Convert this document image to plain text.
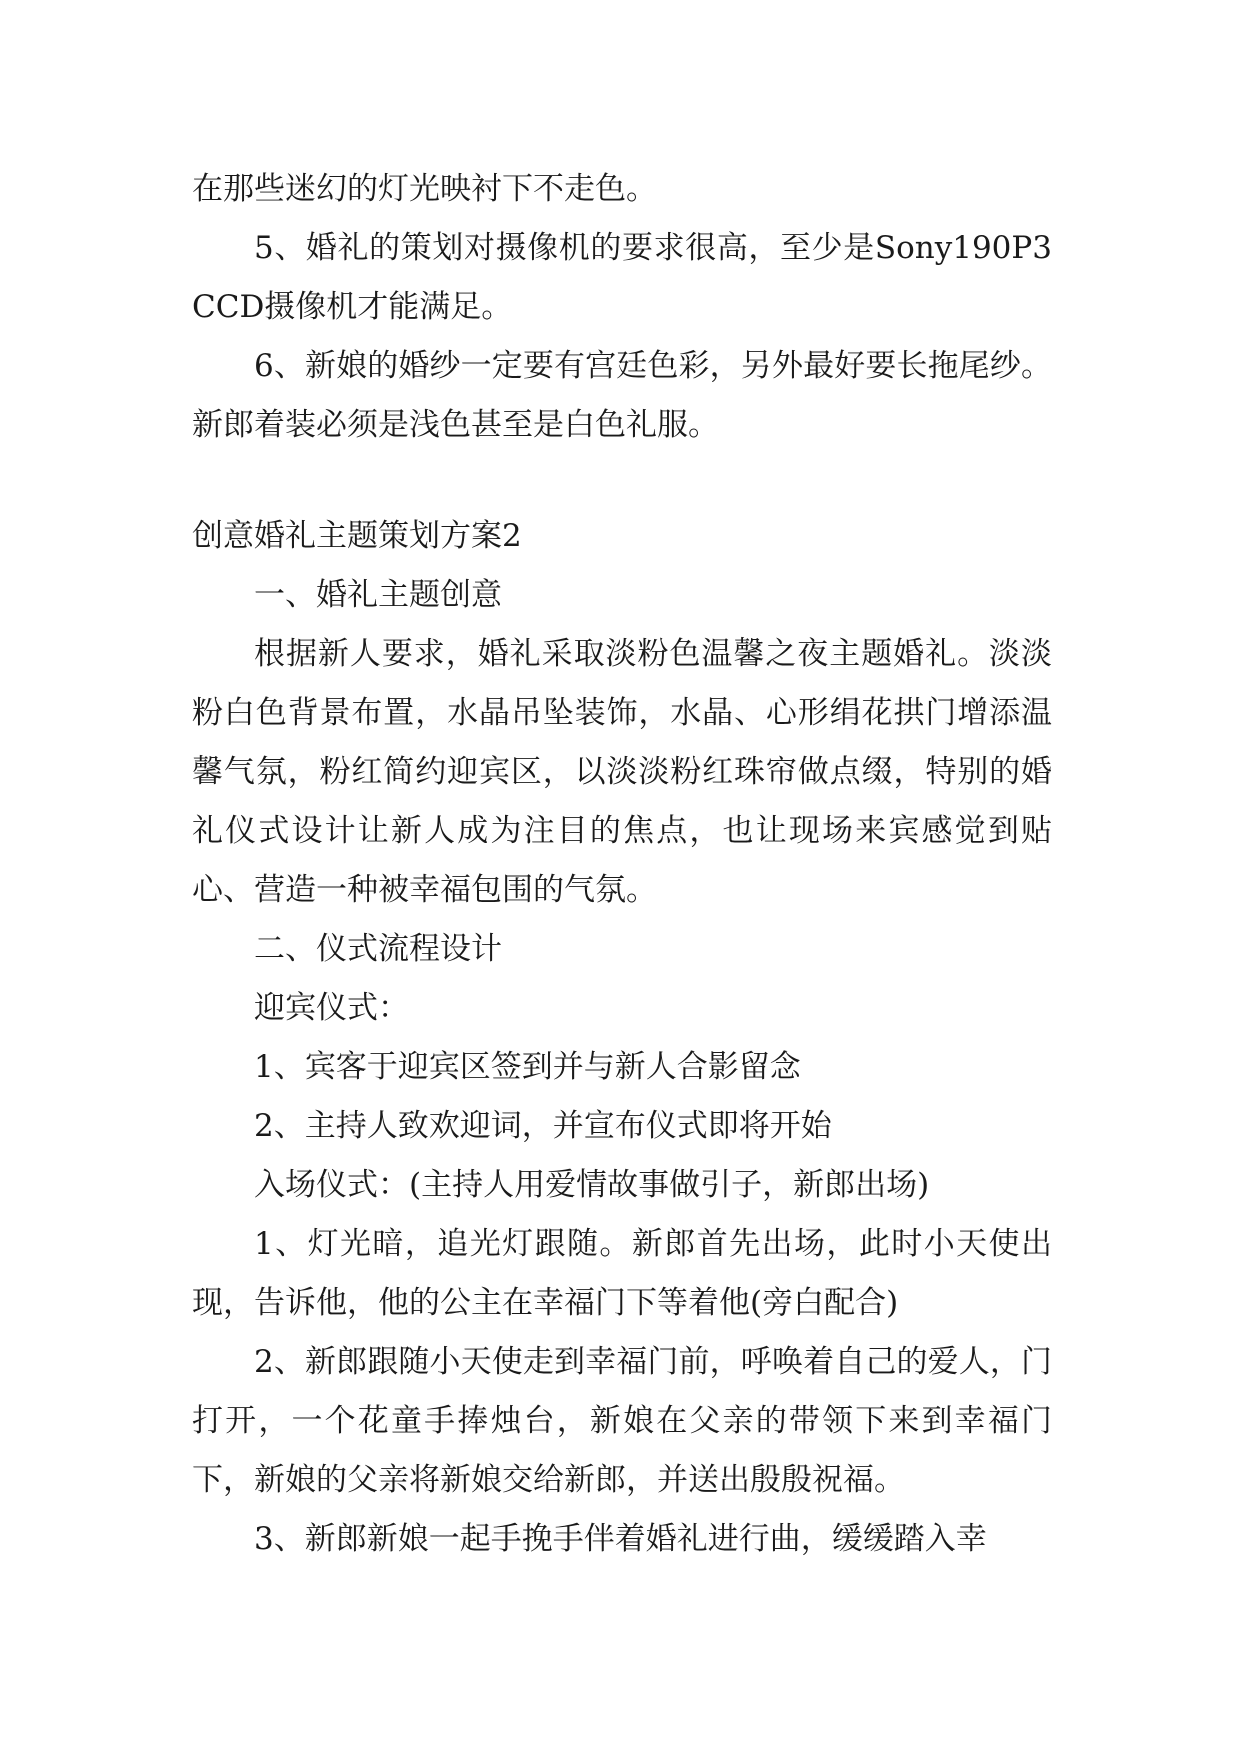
在那些迷幻的灯光映衬下不走色。

5、婚礼的策划对摄像机的要求很高，至少是Sony190P3CCD摄像机才能满足。

6、新娘的婚纱一定要有宫廷色彩，另外最好要长拖尾纱。新郎着装必须是浅色甚至是白色礼服。

创意婚礼主题策划方案2

一、婚礼主题创意

根据新人要求，婚礼采取淡粉色温馨之夜主题婚礼。淡淡粉白色背景布置，水晶吊坠装饰，水晶、心形绢花拱门增添温馨气氛，粉红简约迎宾区，以淡淡粉红珠帘做点缀，特别的婚礼仪式设计让新人成为注目的焦点，也让现场来宾感觉到贴心、营造一种被幸福包围的气氛。

二、仪式流程设计

迎宾仪式：

1、宾客于迎宾区签到并与新人合影留念

2、主持人致欢迎词，并宣布仪式即将开始

入场仪式：(主持人用爱情故事做引子，新郎出场)

1、灯光暗，追光灯跟随。新郎首先出场，此时小天使出现，告诉他，他的公主在幸福门下等着他(旁白配合)

2、新郎跟随小天使走到幸福门前，呼唤着自己的爱人，门打开，一个花童手捧烛台，新娘在父亲的带领下来到幸福门下，新娘的父亲将新娘交给新郎，并送出殷殷祝福。

3、新郎新娘一起手挽手伴着婚礼进行曲，缓缓踏入幸
